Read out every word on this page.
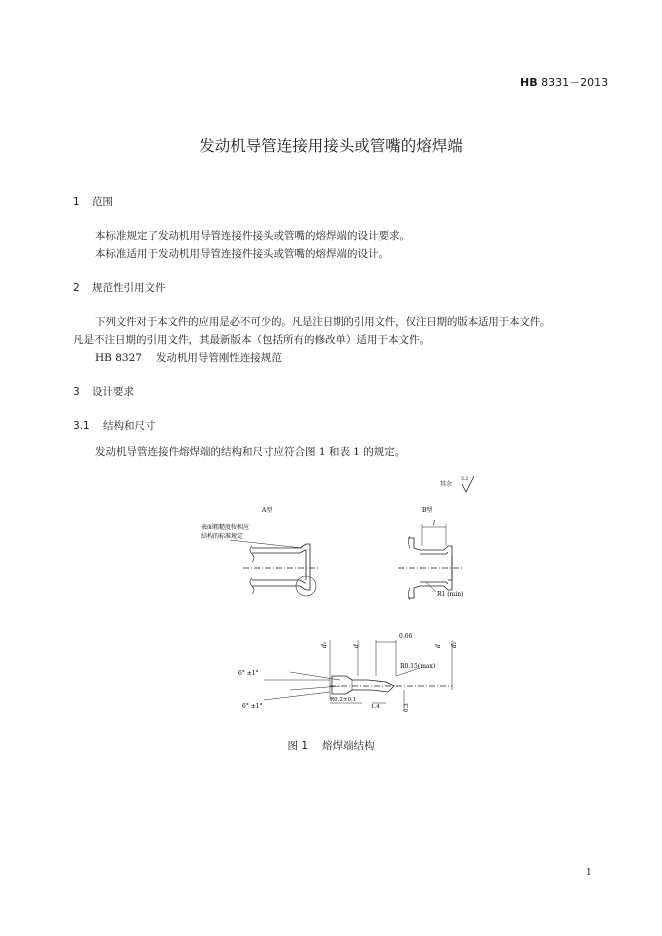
HB 8331－2013
发动机导管连接用接头或管嘴的熔焊端
1 范围
本标准规定了发动机用导管连接件接头或管嘴的熔焊端的设计要求。
本标准适用于发动机用导管连接件接头或管嘴的熔焊端的设计。
2 规范性引用文件
下列文件对于本文件的应用是必不可少的。凡是注日期的引用文件，仅注日期的版本适用于本文件。
凡是不注日期的引用文件，其最新版本（包括所有的修改单）适用于本文件。
HB 8327 发动机用导管刚性连接规范
3 设计要求
3.1 结构和尺寸
发动机导管连接件熔焊端的结构和尺寸应符合图 1 和表 1 的规定。
其余
3.2
A型	B型
表面粗糙度按相应
结构的标准规定
l
R1 (min)
0.66
d₁	d	d d₂
R0.15(max)
6° ±1°
6° ±1°
R0.2±0.1
1.4	0.3
图 1 熔焊端结构
1
